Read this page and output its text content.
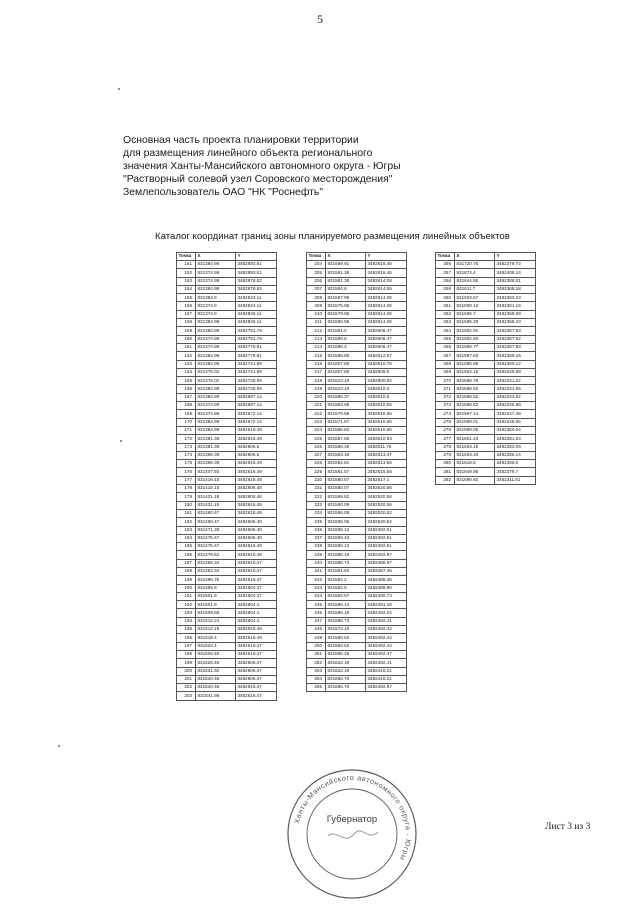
5
Основная часть проекта планировки территории
для размещения линейного объекта регионального
значения Ханты-Мансийского автономного округа - Югры
"Растворный солевой узел Соровского месторождения"
Землепользователь ОАО "НК "Роснефть"
Каталог координат границ зоны планируемого размещения линейных объектов
Точка	X	Y
151	831384.99	3482893.51
152	831374.99	3482893.51
153	831374.99	3482878.52
154	831384.99	3482878.52
155	831384.9	3482843.11
156	831374.9	3482843.11
157	831374.9	3482826.11
158	831384.99	3482826.11
159	831384.99	3482791.79
160	831374.99	3482791.79
161	831374.99	3482776.81
162	831384.99	3482776.81
163	831384.99	3482741.99
164	831375.02	3482741.99
165	831375.02	3482726.99
166	831384.99	3482726.99
167	831384.99	3482687.14
168	831374.99	3482687.14
169	831374.99	3482672.14
170	831384.99	3482672.14
171	831384.99	3482616.49
172	831381.39	3482616.49
173	831381.39	3482606.5
174	831398.39	3482606.5
175	831398.39	3482616.49
176	831407.93	3482616.49
177	831416.15	3482616.49
178	831416.15	3482606.48
179	831431.18	3482606.48
180	831431.18	3482616.49
181	831460.47	3482616.49
182	831460.47	3482606.48
183	831471.38	3482606.48
184	831475.47	3482606.48
185	831475.47	3482616.49
186	831479.62	3482616.49
187	831488.34	3482616.47
188	831493.34	3482616.47
189	831496.76	3482616.47
190	831499.8	3482604.37
191	831501.9	3482604.37
192	831501.9	3482604.4
193	831509.86	3482604.4
194	831512.24	3482604.4
195	831512.19	3482616.49
196	831518.4	3482616.49
197	831523.4	3482616.47
198	831528.48	3482616.47
199	831528.48	3482606.47
200	831531.92	3482606.47
201	831540.48	3482606.47
202	831540.48	3482616.47
203	831541.98	3482616.47
Точка	X	Y
204	831559.91	3482616.46
205	831561.36	3482616.46
206	831561.38	3482614.08
207	831584.6	3482614.05
208	831587.99	3482614.06
209	831575.86	3482614.06
210	831579.86	3482614.06
211	831580.98	3482614.06
212	831581.0	3482606.47
213	831589.6	3482606.47
214	831598.4	3482606.47
215	831598.85	3482612.57
216	831607.85	3482610.76
217	831607.85	3482608.5
218	831623.18	3482600.92
219	831623.18	3482510.3
220	831580.37	3482510.5
221	831583.98	3482510.56
222	831579.98	3482510.56
223	831571.67	3482510.66
224	831588.82	3482510.66
225	831587.85	3482510.93
226	831588.36	3482511.76
227	831583.18	3482513.47
228	831582.81	3482513.56
229	831581.57	3482515.58
230	831580.67	3482517.1
231	831580.07	3482520.56
232	831569.82	3482520.56
233	831560.09	3482520.56
234	831555.08	3482520.52
235	831555.06	3482520.52
236	831555.12	3482482.01
237	831559.43	3482482.51
238	831580.13	3482482.51
239	831580.19	3482482.97
240	831580.73	3482485.87
241	831581.63	3482487.46
242	831582.2	3482488.46
243	831582.5	3482488.96
244	831584.57	3482490.73
245	831586.14	3482491.16
246	831586.15	3482492.24
247	831588.73	3482492.41
248	831572.15	3482492.42
249	831580.52	3482492.44
250	831584.52	3482492.44
251	831595.29	3482492.47
252	831622.19	3482492.41
253	831622.19	3482410.21
254	831650.76	3482410.21
255	831660.76	3482492.97
Точка	X	Y
256	831720.75	3482379.73
257	831674.4	3482406.14
258	831644.55	3482388.01
259	831611.7	3482368.18
260	831603.57	3482363.23
261	831600.12	3482361.16
262	831596.7	3482359.09
263	831595.29	3482358.23
264	831592.91	3482367.63
265	831592.83	3482367.62
266	831586.77	3482357.93
267	831587.83	3482359.16
268	831585.89	3482360.12
269	831594.18	3482345.89
270	831596.76	3482341.22
271	831596.82	3482341.66
272	831596.52	3482343.52
273	831596.62	3482345.96
274	831597.14	3482347.49
275	831598.01	3482348.95
276	831598.05	3482350.04
277	831601.43	3482351.63
278	831603.18	3482353.09
279	831603.33	3482355.14
280	831618.5	3482360.0
281	831649.98	3482379.7
282	831690.92	3482311.61
Ханты-Мансийского автономного округа - Югры
Губернатор
Лист 3 из 3
